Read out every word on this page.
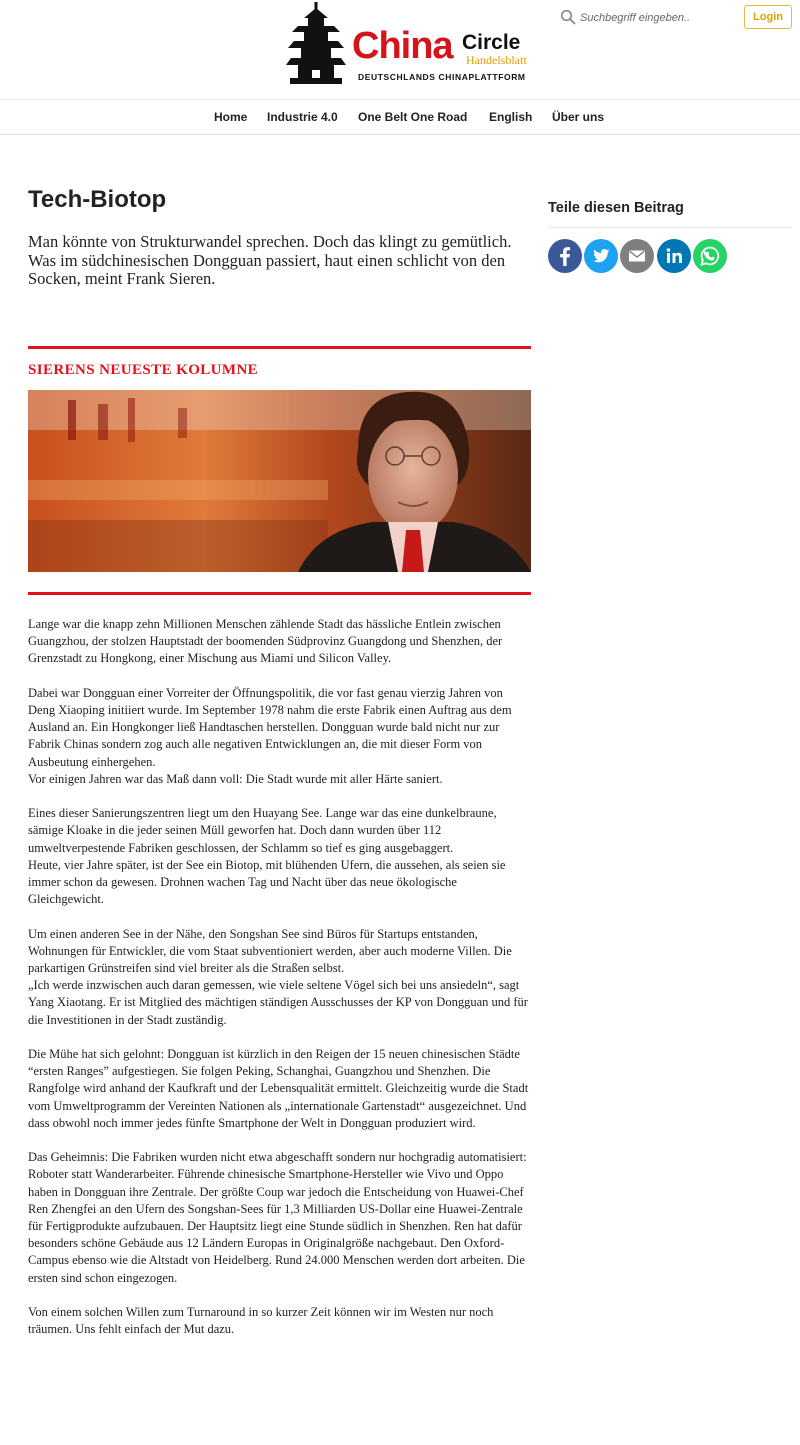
China Circle
Handelsblatt
DEUTSCHLANDS CHINAPLATTFORM
Suchbegriff eingeben..
Login
Home Industrie 4.0 One Belt One Road English Über uns
Tech-Biotop

Man könnte von Strukturwandel sprechen. Doch das klingt zu gemütlich. Was im südchinesischen Dongguan passiert, haut einen schlicht von den Socken, meint Frank Sieren.

SIERENS NEUESTE KOLUMNE

Lange war die knapp zehn Millionen Menschen zählende Stadt das hässliche Entlein zwischen Guangzhou, der stolzen Hauptstadt der boomenden Südprovinz Guangdong und Shenzhen, der Grenzstadt zu Hongkong, einer Mischung aus Miami und Silicon Valley.

Dabei war Dongguan einer Vorreiter der Öffnungspolitik, die vor fast genau vierzig Jahren von Deng Xiaoping initiiert wurde. Im September 1978 nahm die erste Fabrik einen Auftrag aus dem Ausland an. Ein Hongkonger ließ Handtaschen herstellen. Dongguan wurde bald nicht nur zur Fabrik Chinas sondern zog auch alle negativen Entwicklungen an, die mit dieser Form von Ausbeutung einhergehen.
Vor einigen Jahren war das Maß dann voll: Die Stadt wurde mit aller Härte saniert.

Eines dieser Sanierungszentren liegt um den Huayang See. Lange war das eine dunkelbraune, sämige Kloake in die jeder seinen Müll geworfen hat. Doch dann wurden über 112 umweltverpestende Fabriken geschlossen, der Schlamm so tief es ging ausgebaggert.
Heute, vier Jahre später, ist der See ein Biotop, mit blühenden Ufern, die aussehen, als seien sie immer schon da gewesen. Drohnen wachen Tag und Nacht über das neue ökologische Gleichgewicht.

Um einen anderen See in der Nähe, den Songshan See sind Büros für Startups entstanden, Wohnungen für Entwickler, die vom Staat subventioniert werden, aber auch moderne Villen. Die parkartigen Grünstreifen sind viel breiter als die Straßen selbst.
„Ich werde inzwischen auch daran gemessen, wie viele seltene Vögel sich bei uns ansiedeln“, sagt Yang Xiaotang. Er ist Mitglied des mächtigen ständigen Ausschusses der KP von Dongguan und für die Investitionen in der Stadt zuständig.

Die Mühe hat sich gelohnt: Dongguan ist kürzlich in den Reigen der 15 neuen chinesischen Städte “ersten Ranges” aufgestiegen. Sie folgen Peking, Schanghai, Guangzhou und Shenzhen. Die Rangfolge wird anhand der Kaufkraft und der Lebensqualität ermittelt. Gleichzeitig wurde die Stadt vom Umweltprogramm der Vereinten Nationen als „internationale Gartenstadt“ ausgezeichnet. Und dass obwohl noch immer jedes fünfte Smartphone der Welt in Dongguan produziert wird.

Das Geheimnis: Die Fabriken wurden nicht etwa abgeschafft sondern nur hochgradig automatisiert: Roboter statt Wanderarbeiter. Führende chinesische Smartphone-Hersteller wie Vivo und Oppo haben in Dongguan ihre Zentrale. Der größte Coup war jedoch die Entscheidung von Huawei-Chef Ren Zhengfei an den Ufern des Songshan-Sees für 1,3 Milliarden US-Dollar eine Huawei-Zentrale für Fertigprodukte aufzubauen. Der Hauptsitz liegt eine Stunde südlich in Shenzhen. Ren hat dafür besonders schöne Gebäude aus 12 Ländern Europas in Originalgröße nachgebaut. Den Oxford-Campus ebenso wie die Altstadt von Heidelberg. Rund 24.000 Menschen werden dort arbeiten. Die ersten sind schon eingezogen.

Von einem solchen Willen zum Turnaround in so kurzer Zeit können wir im Westen nur noch träumen. Uns fehlt einfach der Mut dazu.

Teile diesen Beitrag
